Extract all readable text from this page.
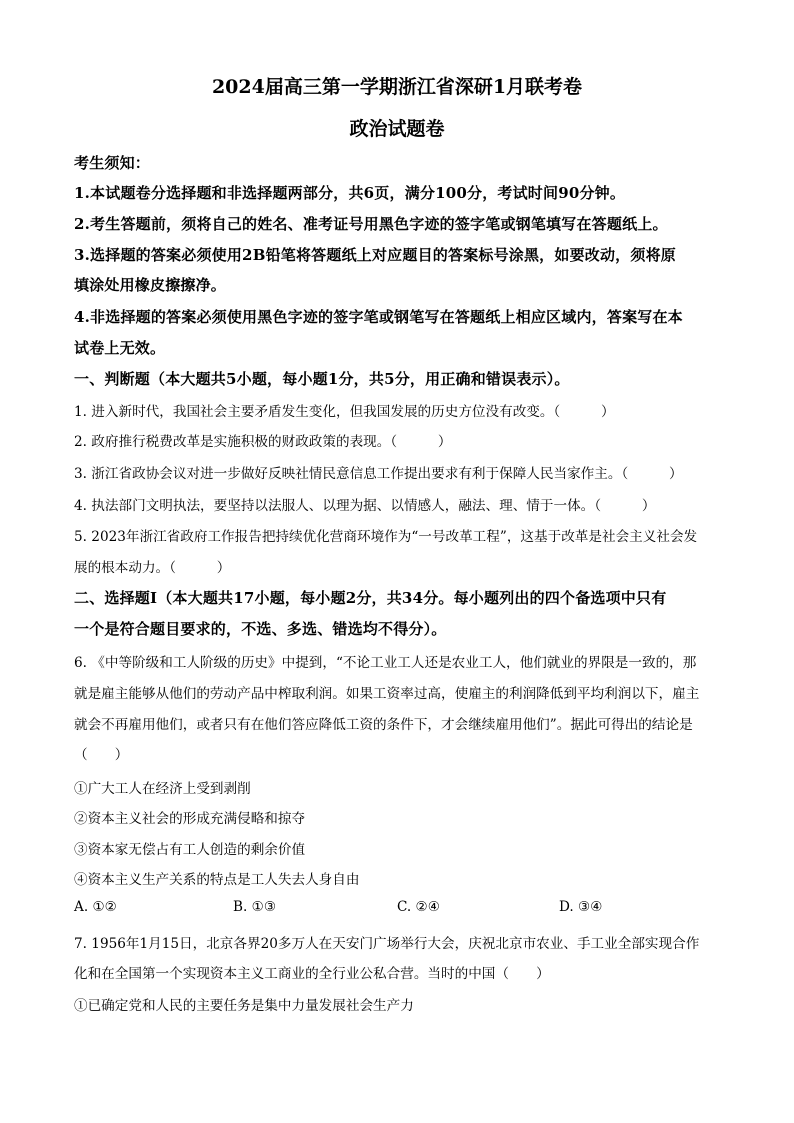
2024届高三第一学期浙江省深研1月联考卷
政治试题卷
考生须知：
1.本试题卷分选择题和非选择题两部分，共6页，满分100分，考试时间90分钟。
2.考生答题前，须将自己的姓名、准考证号用黑色字迹的签字笔或钢笔填写在答题纸上。
3.选择题的答案必须使用2B铅笔将答题纸上对应题目的答案标号涂黑，如要改动，须将原
填涂处用橡皮擦擦净。
4.非选择题的答案必须使用黑色字迹的签字笔或钢笔写在答题纸上相应区域内，答案写在本
试卷上无效。
一、判断题（本大题共5小题，每小题1分，共5分，用正确和错误表示）。
1. 进入新时代，我国社会主要矛盾发生变化，但我国发展的历史方位没有改变。（　　　）
2. 政府推行税费改革是实施积极的财政政策的表现。（　　　）
3. 浙江省政协会议对进一步做好反映社情民意信息工作提出要求有利于保障人民当家作主。（　　　）
4. 执法部门文明执法，要坚持以法服人、以理为据、以情感人，融法、理、情于一体。（　　　）
5. 2023年浙江省政府工作报告把持续优化营商环境作为“一号改革工程”，这基于改革是社会主义社会发
展的根本动力。（　　　）
二、选择题Ⅰ（本大题共17小题，每小题2分，共34分。每小题列出的四个备选项中只有
一个是符合题目要求的，不选、多选、错选均不得分）。
6. 《中等阶级和工人阶级的历史》中提到，“不论工业工人还是农业工人，他们就业的界限是一致的，那
就是雇主能够从他们的劳动产品中榨取利润。如果工资率过高，使雇主的利润降低到平均利润以下，雇主
就会不再雇用他们，或者只有在他们答应降低工资的条件下，才会继续雇用他们”。据此可得出的结论是
（　　）
①广大工人在经济上受到剥削
②资本主义社会的形成充满侵略和掠夺
③资本家无偿占有工人创造的剩余价值
④资本主义生产关系的特点是工人失去人身自由
A. ①②	B. ①③	C. ②④	D. ③④
7. 1956年1月15日，北京各界20多万人在天安门广场举行大会，庆祝北京市农业、手工业全部实现合作
化和在全国第一个实现资本主义工商业的全行业公私合营。当时的中国（　　）
①已确定党和人民的主要任务是集中力量发展社会生产力
